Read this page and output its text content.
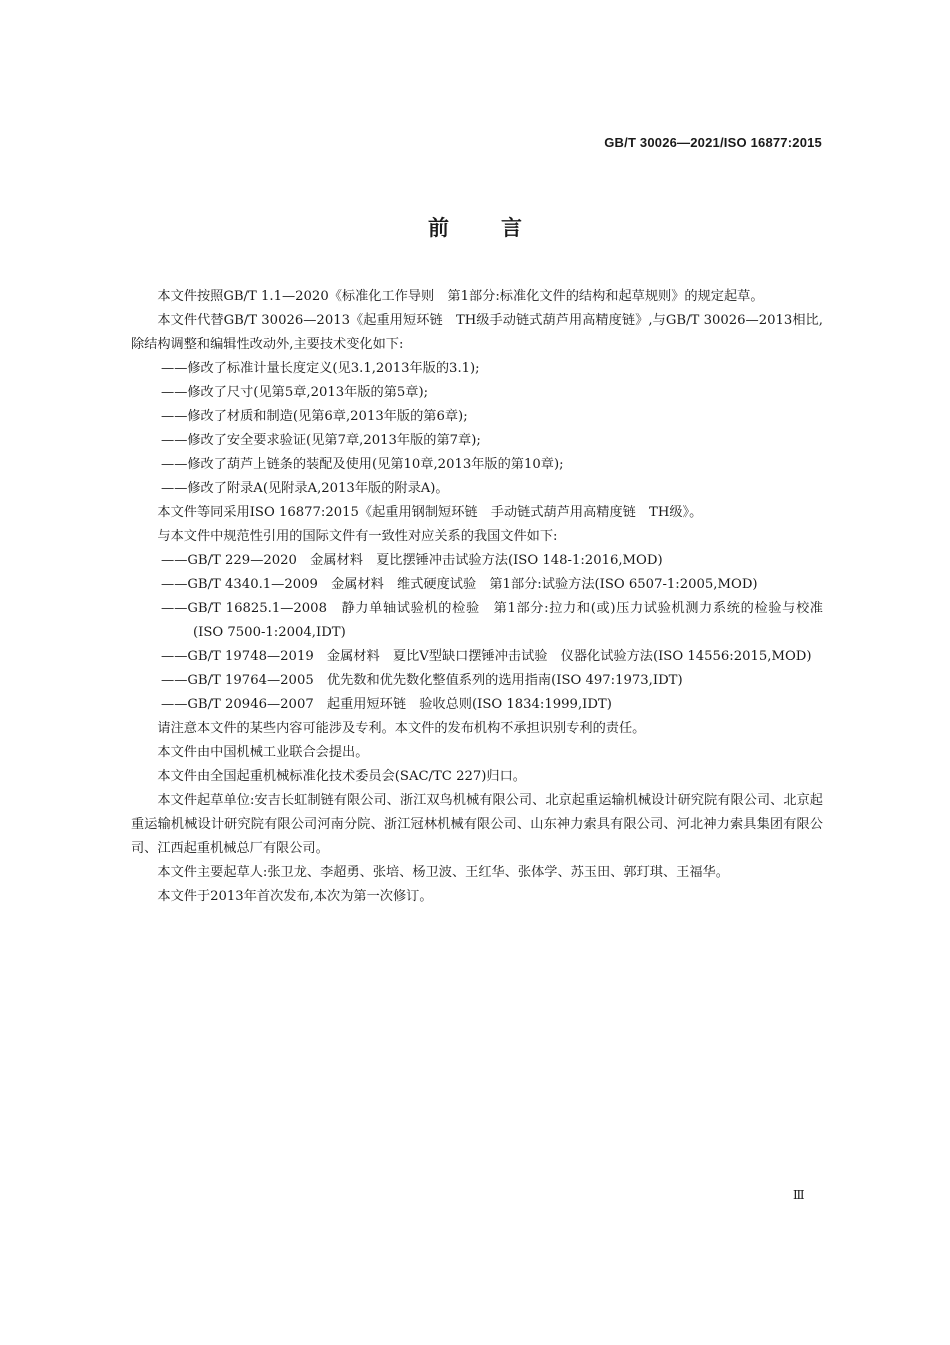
GB/T 30026—2021/ISO 16877:2015
前言

本文件按照GB/T 1.1—2020《标准化工作导则　第1部分:标准化文件的结构和起草规则》的规定起草。

本文件代替GB/T 30026—2013《起重用短环链　TH级手动链式葫芦用高精度链》,与GB/T 30026—2013相比,除结构调整和编辑性改动外,主要技术变化如下:

——修改了标准计量长度定义(见3.1,2013年版的3.1);

——修改了尺寸(见第5章,2013年版的第5章);

——修改了材质和制造(见第6章,2013年版的第6章);

——修改了安全要求验证(见第7章,2013年版的第7章);

——修改了葫芦上链条的装配及使用(见第10章,2013年版的第10章);

——修改了附录A(见附录A,2013年版的附录A)。

本文件等同采用ISO 16877:2015《起重用钢制短环链　手动链式葫芦用高精度链　TH级》。

与本文件中规范性引用的国际文件有一致性对应关系的我国文件如下:

——GB/T 229—2020　金属材料　夏比摆锤冲击试验方法(ISO 148-1:2016,MOD)

——GB/T 4340.1—2009　金属材料　维式硬度试验　第1部分:试验方法(ISO 6507-1:2005,MOD)

——GB/T 16825.1—2008　静力单轴试验机的检验　第1部分:拉力和(或)压力试验机测力系统的检验与校准(ISO 7500-1:2004,IDT)

——GB/T 19748—2019　金属材料　夏比V型缺口摆锤冲击试验　仪器化试验方法(ISO 14556:2015,MOD)

——GB/T 19764—2005　优先数和优先数化整值系列的选用指南(ISO 497:1973,IDT)

——GB/T 20946—2007　起重用短环链　验收总则(ISO 1834:1999,IDT)

请注意本文件的某些内容可能涉及专利。本文件的发布机构不承担识别专利的责任。

本文件由中国机械工业联合会提出。

本文件由全国起重机械标准化技术委员会(SAC/TC 227)归口。

本文件起草单位:安吉长虹制链有限公司、浙江双鸟机械有限公司、北京起重运输机械设计研究院有限公司、北京起重运输机械设计研究院有限公司河南分院、浙江冠林机械有限公司、山东神力索具有限公司、河北神力索具集团有限公司、江西起重机械总厂有限公司。

本文件主要起草人:张卫龙、李超勇、张培、杨卫波、王红华、张体学、苏玉田、郭玎琪、王福华。

本文件于2013年首次发布,本次为第一次修订。

Ⅲ
